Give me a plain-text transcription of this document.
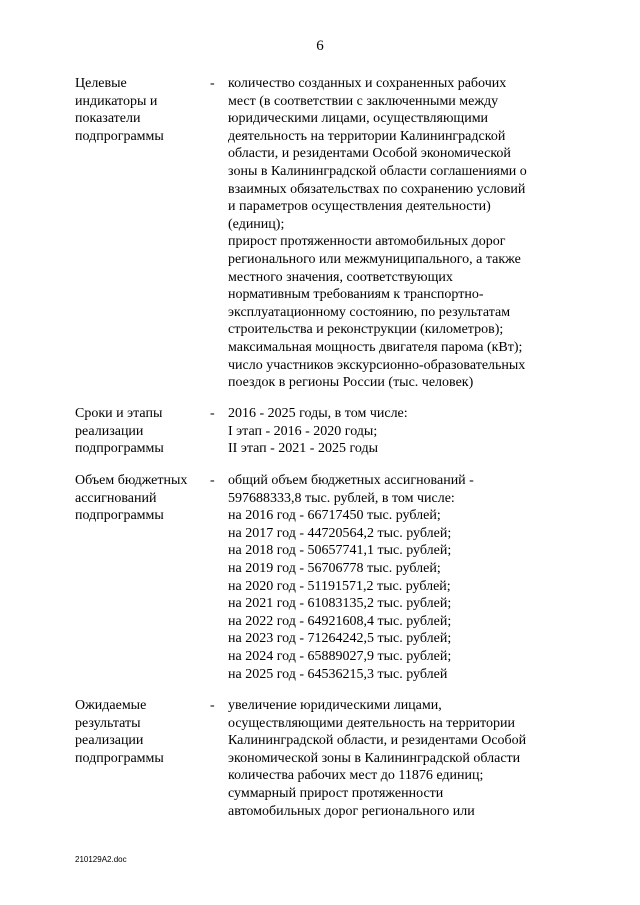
6
Целевые
индикаторы и
показатели
подпрограммы
- количество созданных и сохраненных рабочих
мест (в соответствии с заключенными между
юридическими лицами, осуществляющими
деятельность на территории Калининградской
области, и резидентами Особой экономической
зоны в Калининградской области соглашениями о
взаимных обязательствах по сохранению условий
и параметров осуществления деятельности)
(единиц);
прирост протяженности автомобильных дорог
регионального или межмуниципального, а также
местного значения, соответствующих
нормативным требованиям к транспортно-
эксплуатационному состоянию, по результатам
строительства и реконструкции (километров);
максимальная мощность двигателя парома (кВт);
число участников экскурсионно-образовательных
поездок в регионы России (тыс. человек)
Сроки и этапы
реализации
подпрограммы
- 2016 - 2025 годы, в том числе:
I этап - 2016 - 2020 годы;
II этап - 2021 - 2025 годы
Объем бюджетных
ассигнований
подпрограммы
- общий объем бюджетных ассигнований -
597688333,8 тыс. рублей, в том числе:
на 2016 год - 66717450 тыс. рублей;
на 2017 год - 44720564,2 тыс. рублей;
на 2018 год - 50657741,1 тыс. рублей;
на 2019 год - 56706778 тыс. рублей;
на 2020 год - 51191571,2 тыс. рублей;
на 2021 год - 61083135,2 тыс. рублей;
на 2022 год - 64921608,4 тыс. рублей;
на 2023 год - 71264242,5 тыс. рублей;
на 2024 год - 65889027,9 тыс. рублей;
на 2025 год - 64536215,3 тыс. рублей
Ожидаемые
результаты
реализации
подпрограммы
- увеличение юридическими лицами,
осуществляющими деятельность на территории
Калининградской области, и резидентами Особой
экономической зоны в Калининградской области
количества рабочих мест до 11876 единиц;
суммарный прирост протяженности
автомобильных дорог регионального или
210129A2.doc
